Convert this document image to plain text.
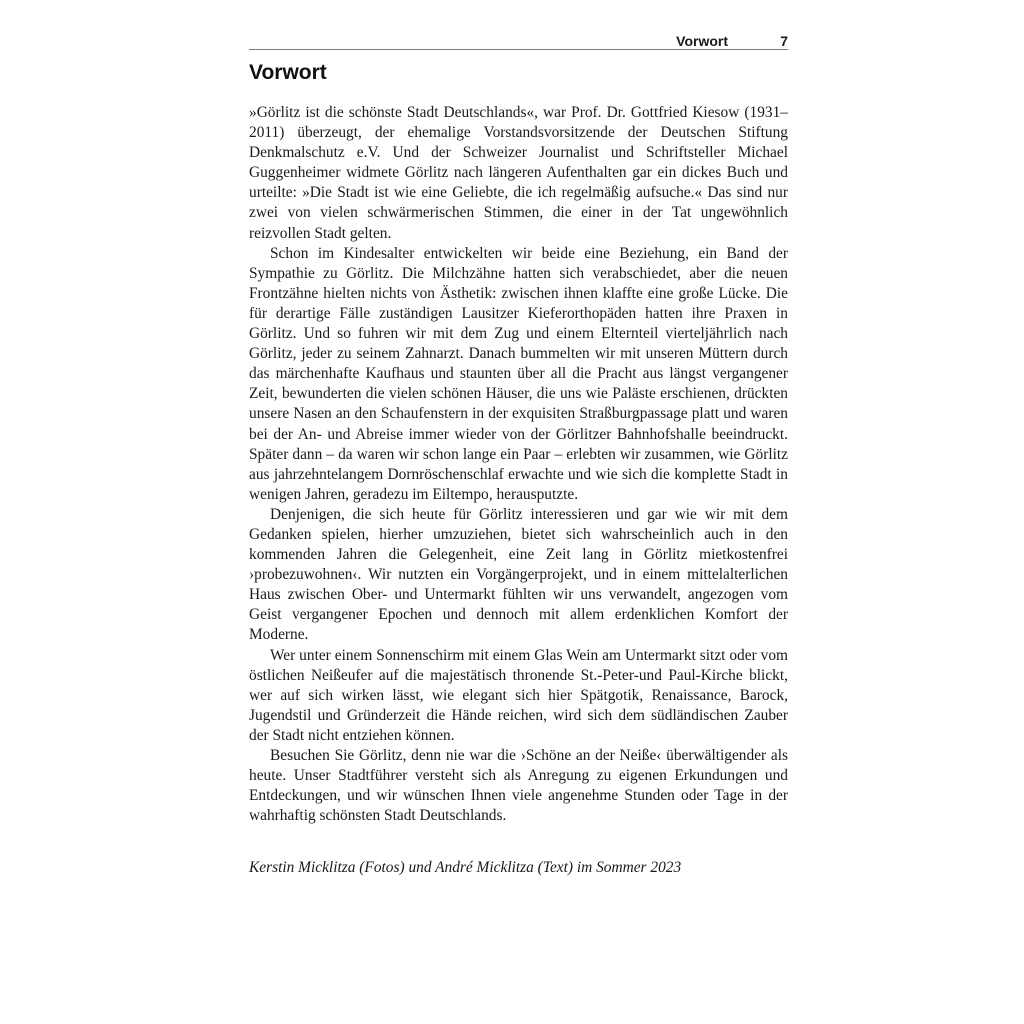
Vorwort	7
Vorwort

»Görlitz ist die schönste Stadt Deutschlands«, war Prof. Dr. Gottfried Kiesow (1931–2011) überzeugt, der ehemalige Vorstandsvorsitzende der Deutschen Stiftung Denkmalschutz e.V. Und der Schweizer Journalist und Schriftsteller Michael Guggenheimer widmete Görlitz nach längeren Aufenthalten gar ein dickes Buch und urteilte: »Die Stadt ist wie eine Geliebte, die ich regelmäßig aufsuche.« Das sind nur zwei von vielen schwärmerischen Stimmen, die einer in der Tat ungewöhnlich reizvollen Stadt gelten.

Schon im Kindesalter entwickelten wir beide eine Beziehung, ein Band der Sympathie zu Görlitz. Die Milchzähne hatten sich verabschiedet, aber die neuen Frontzähne hielten nichts von Ästhetik: zwischen ihnen klaffte eine große Lücke. Die für derartige Fälle zuständigen Lausitzer Kieferorthopäden hatten ihre Praxen in Görlitz. Und so fuhren wir mit dem Zug und einem Elternteil vierteljährlich nach Görlitz, jeder zu seinem Zahnarzt. Danach bummelten wir mit unseren Müttern durch das märchenhafte Kaufhaus und staunten über all die Pracht aus längst vergangener Zeit, bewunderten die vielen schönen Häuser, die uns wie Paläste erschienen, drückten unsere Nasen an den Schaufenstern in der exquisiten Straßburgpassage platt und waren bei der An- und Abreise immer wieder von der Görlitzer Bahnhofshalle beeindruckt. Später dann – da waren wir schon lange ein Paar – erlebten wir zusammen, wie Görlitz aus jahrzehntelangem Dornröschenschlaf erwachte und wie sich die komplette Stadt in wenigen Jahren, geradezu im Eiltempo, herausputzte.

Denjenigen, die sich heute für Görlitz interessieren und gar wie wir mit dem Gedanken spielen, hierher umzuziehen, bietet sich wahrscheinlich auch in den kommenden Jahren die Gelegenheit, eine Zeit lang in Görlitz mietkostenfrei ›probezuwohnen‹. Wir nutzten ein Vorgängerprojekt, und in einem mittelalterlichen Haus zwischen Ober- und Untermarkt fühlten wir uns verwandelt, angezogen vom Geist vergangener Epochen und dennoch mit allem erdenklichen Komfort der Moderne.

Wer unter einem Sonnenschirm mit einem Glas Wein am Untermarkt sitzt oder vom östlichen Neißeufer auf die majestätisch thronende St.-Peter-und Paul-Kirche blickt, wer auf sich wirken lässt, wie elegant sich hier Spätgotik, Renaissance, Barock, Jugendstil und Gründerzeit die Hände reichen, wird sich dem südländischen Zauber der Stadt nicht entziehen können.

Besuchen Sie Görlitz, denn nie war die ›Schöne an der Neiße‹ überwältigender als heute. Unser Stadtführer versteht sich als Anregung zu eigenen Erkundungen und Entdeckungen, und wir wünschen Ihnen viele angenehme Stunden oder Tage in der wahrhaftig schönsten Stadt Deutschlands.

Kerstin Micklitza (Fotos) und André Micklitza (Text) im Sommer 2023
